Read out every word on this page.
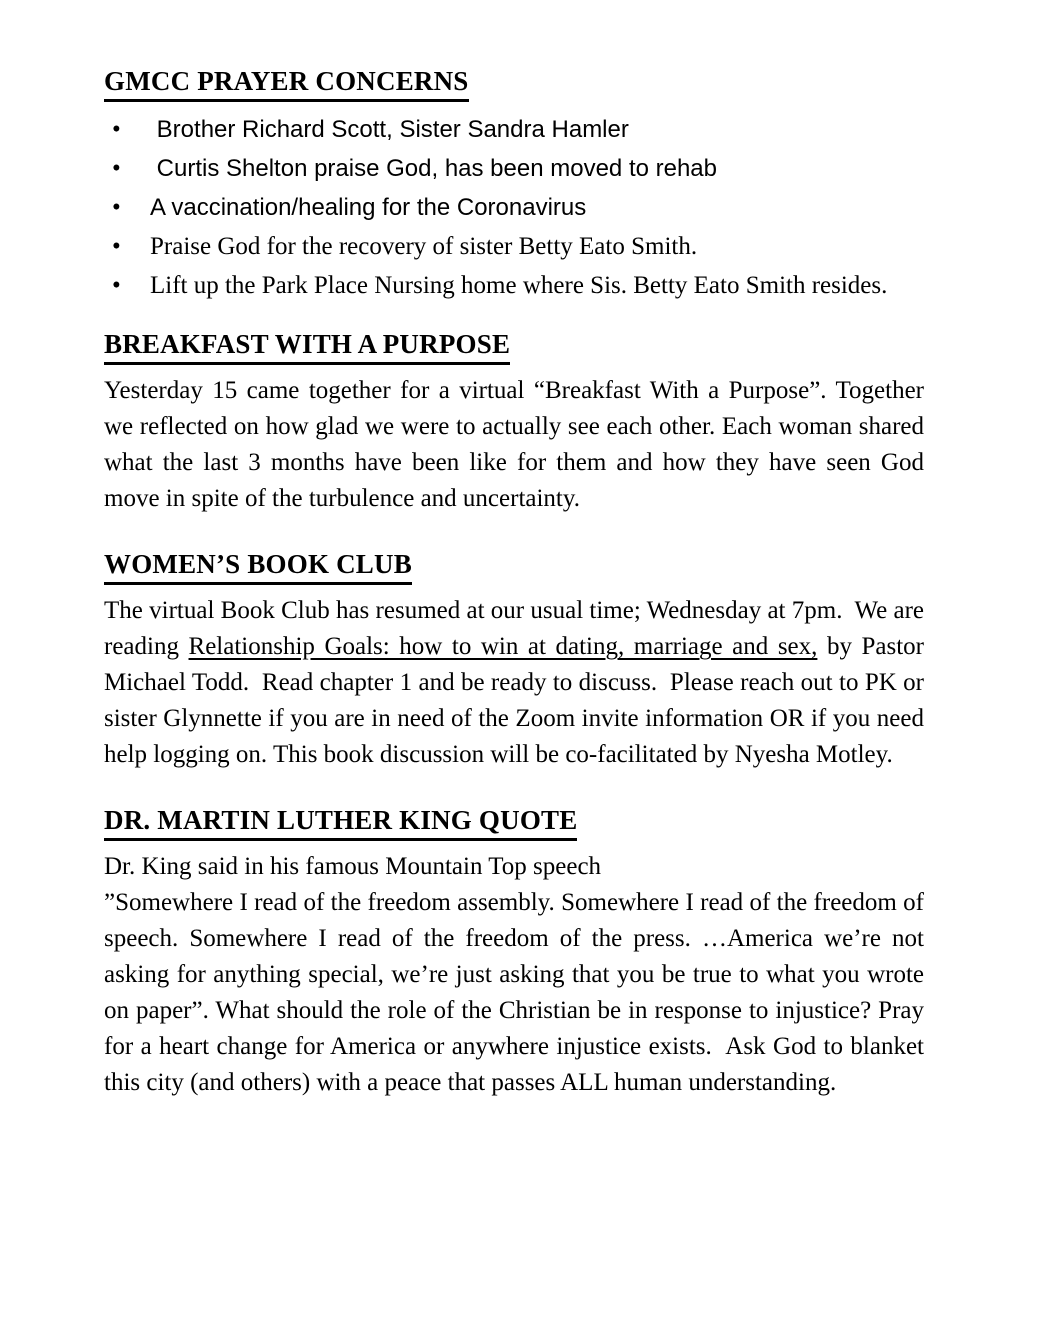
GMCC PRAYER CONCERNS
•	Brother Richard Scott, Sister Sandra Hamler
•	Curtis Shelton praise God, has been moved to rehab
•	A vaccination/healing for the Coronavirus
•	Praise God for the recovery of sister Betty Eato Smith.
•	Lift up the Park Place Nursing home where Sis. Betty Eato Smith resides.
BREAKFAST WITH A PURPOSE

Yesterday 15 came together for a virtual “Breakfast With a Purpose”. Together we reflected on how glad we were to actually see each other. Each woman shared what the last 3 months have been like for them and how they have seen God move in spite of the turbulence and uncertainty.

WOMEN’S BOOK CLUB

The virtual Book Club has resumed at our usual time; Wednesday at 7pm.  We are reading Relationship Goals: how to win at dating, marriage and sex, by Pastor Michael Todd.  Read chapter 1 and be ready to discuss.  Please reach out to PK or sister Glynnette if you are in need of the Zoom invite information OR if you need help logging on. This book discussion will be co-facilitated by Nyesha Motley.

DR. MARTIN LUTHER KING QUOTE
Dr. King said in his famous Mountain Top speech

”Somewhere I read of the freedom assembly. Somewhere I read of the freedom of speech. Somewhere I read of the freedom of the press. …America we’re not asking for anything special, we’re just asking that you be true to what you wrote on paper”. What should the role of the Christian be in response to injustice? Pray for a heart change for America or anywhere injustice exists.  Ask God to blanket this city (and others) with a peace that passes ALL human understanding.
